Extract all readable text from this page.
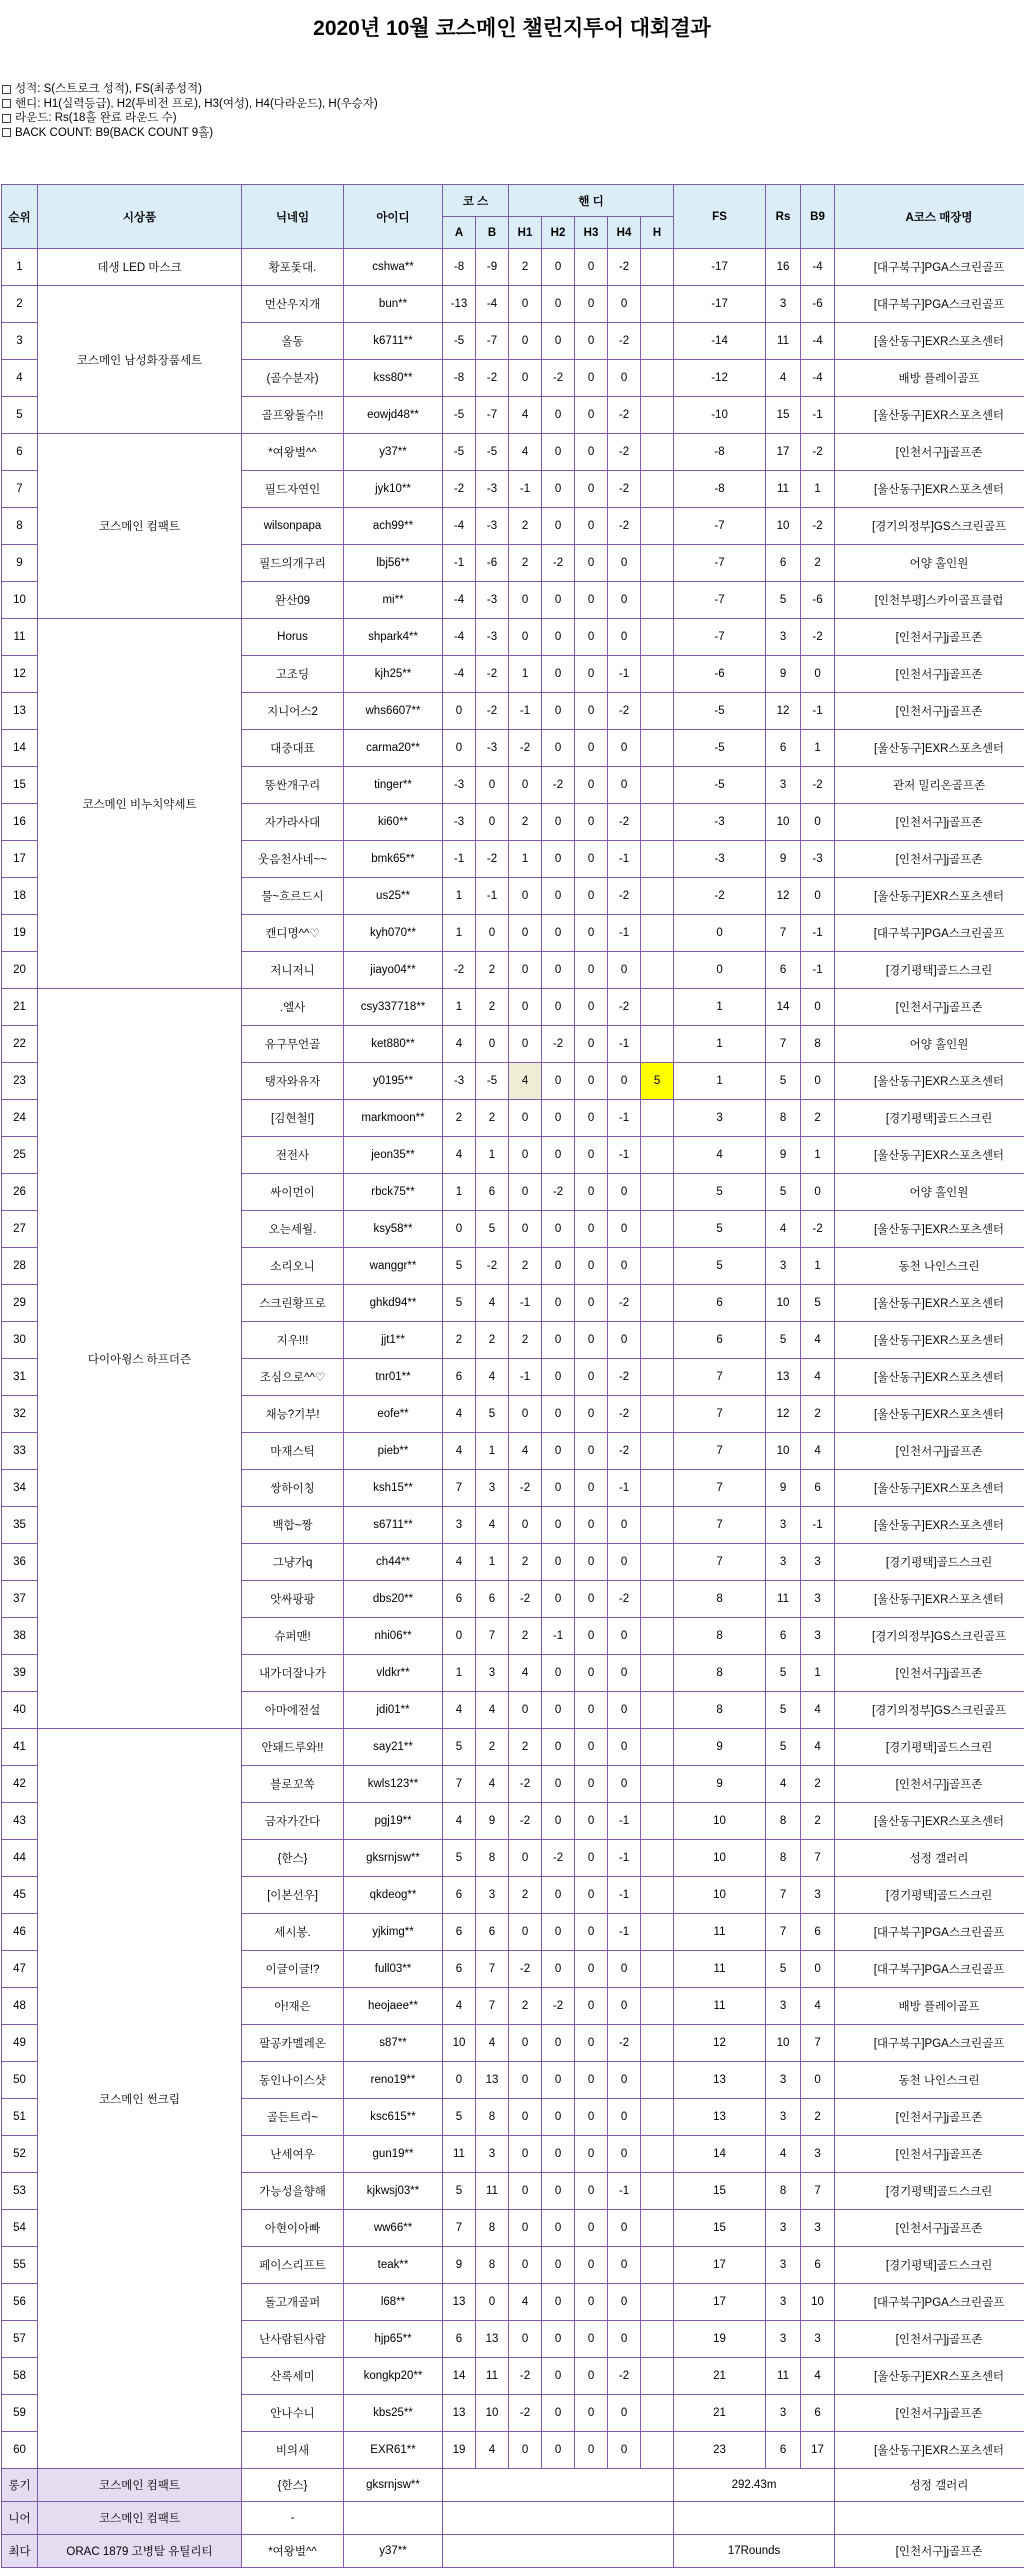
2020년 10월 코스메인 챌린지투어 대회결과
성적: S(스트로크 성적), FS(최종성적)
핸디: H1(실력등급), H2(투비전 프로), H3(여성), H4(다라운드), H(우승자)
라운드: Rs(18홀 완료 라운드 수)
BACK COUNT: B9(BACK COUNT 9홀)
순위	시상품	닉네임	아이디	코 스		핸 디					FS	Rs	B9	A코스 매장명
				A	B	H1	H2	H3	H4	H				
1	데생 LED 마스크	황포돛대.	cshwa**	-8	-9	2	0	0	-2		-17	16	-4	[대구북구]PGA스크린골프
2	코스메인 남성화장품세트	먼산우지개	bun**	-13	-4	0	0	0	0		-17	3	-6	[대구북구]PGA스크린골프
3		올동	k6711**	-5	-7	0	0	0	-2		-14	11	-4	[울산동구]EXR스포츠센터
4		(골수분자)	kss80**	-8	-2	0	-2	0	0		-12	4	-4	배방 플레이골프
5		골프왕돌수!!	eowjd48**	-5	-7	4	0	0	-2		-10	15	-1	[울산동구]EXR스포츠센터
6	코스메인 컴팩트	*여왕벌^^	y37**	-5	-5	4	0	0	-2		-8	17	-2	[인천서구]j골프존
7		필드자연인	jyk10**	-2	-3	-1	0	0	-2		-8	11	1	[울산동구]EXR스포츠센터
8		wilsonpapa	ach99**	-4	-3	2	0	0	-2		-7	10	-2	[경기의정부]GS스크린골프
9		필드의개구리	lbj56**	-1	-6	2	-2	0	0		-7	6	2	어양 홀인원
10		완산09	mi**	-4	-3	0	0	0	0		-7	5	-6	[인천부평]스카이골프클럽
11	코스메인 비누치약세트	Horus	shpark4**	-4	-3	0	0	0	0		-7	3	-2	[인천서구]j골프존
12		고조딩	kjh25**	-4	-2	1	0	0	-1		-6	9	0	[인천서구]j골프존
13		지니어스2	whs6607**	0	-2	-1	0	0	-2		-5	12	-1	[인천서구]j골프존
14		대중대표	carma20**	0	-3	-2	0	0	0		-5	6	1	[울산동구]EXR스포츠센터
15		똥싼개구리	tinger**	-3	0	0	-2	0	0		-5	3	-2	관저 밀리온골프존
16		자가라사대	ki60**	-3	0	2	0	0	-2		-3	10	0	[인천서구]j골프존
17		웃음천사네~~	bmk65**	-1	-2	1	0	0	-1		-3	9	-3	[인천서구]j골프존
18		물~흐르드시	us25**	1	-1	0	0	0	-2		-2	12	0	[울산동구]EXR스포츠센터
19		캔디명^^♡	kyh070**	1	0	0	0	0	-1		0	7	-1	[대구북구]PGA스크린골프
20		저니저니	jiayo04**	-2	2	0	0	0	0		0	6	-1	[경기평택]골드스크린
21	다이아윙스 하프더즌	.엘사	csy337718**	1	2	0	0	0	-2		1	14	0	[인천서구]j골프존
22		유구무언골	ket880**	4	0	0	-2	0	-1		1	7	8	어양 홀인원
23		탱자와유자	y0195**	-3	-5	4	0	0	0	5	1	5	0	[울산동구]EXR스포츠센터
24		[김현철!]	markmoon**	2	2	0	0	0	-1		3	8	2	[경기평택]골드스크린
25		전전사	jeon35**	4	1	0	0	0	-1		4	9	1	[울산동구]EXR스포츠센터
26		싸이먼이	rbck75**	1	6	0	-2	0	0		5	5	0	어양 홀인원
27		오는세월.	ksy58**	0	5	0	0	0	0		5	4	-2	[울산동구]EXR스포츠센터
28		소리오니	wanggr**	5	-2	2	0	0	0		5	3	1	동천 나인스크린
29		스크린황프로	ghkd94**	5	4	-1	0	0	-2		6	10	5	[울산동구]EXR스포츠센터
30		지우!!!	jjt1**	2	2	2	0	0	0		6	5	4	[울산동구]EXR스포츠센터
31		조심으로^^♡	tnr01**	6	4	-1	0	0	-2		7	13	4	[울산동구]EXR스포츠센터
32		채능?기부!	eofe**	4	5	0	0	0	-2		7	12	2	[울산동구]EXR스포츠센터
33		마재스틱	pieb**	4	1	4	0	0	-2		7	10	4	[인천서구]j골프존
34		쌍하이칭	ksh15**	7	3	-2	0	0	-1		7	9	6	[울산동구]EXR스포츠센터
35		백합~짱	s6711**	3	4	0	0	0	0		7	3	-1	[울산동구]EXR스포츠센터
36		그냥가q	ch44**	4	1	2	0	0	0		7	3	3	[경기평택]골드스크린
37		앗싸팡팡	dbs20**	6	6	-2	0	0	-2		8	11	3	[울산동구]EXR스포츠센터
38		슈퍼맨!	nhi06**	0	7	2	-1	0	0		8	6	3	[경기의정부]GS스크린골프
39		내가더잘나가	vldkr**	1	3	4	0	0	0		8	5	1	[인천서구]j골프존
40		아마에전설	jdi01**	4	4	0	0	0	0		8	5	4	[경기의정부]GS스크린골프
41	코스메인 썬크림	안돼드루와!!	say21**	5	2	2	0	0	0		9	5	4	[경기평택]골드스크린
42		블로꼬쏙	kwls123**	7	4	-2	0	0	0		9	4	2	[인천서구]j골프존
43		금자가간다	pgj19**	4	9	-2	0	0	-1		10	8	2	[울산동구]EXR스포츠센터
44		{한스}	gksrnjsw**	5	8	0	-2	0	-1		10	8	7	성정 갤러리
45		[이본선우]	qkdeog**	6	3	2	0	0	-1		10	7	3	[경기평택]골드스크린
46		세시봉.	yjkimg**	6	6	0	0	0	-1		11	7	6	[대구북구]PGA스크린골프
47		이글이글!?	full03**	6	7	-2	0	0	0		11	5	0	[대구북구]PGA스크린골프
48		아!재은	heojaee**	4	7	2	-2	0	0		11	3	4	배방 플레이골프
49		팔공카멜레온	s87**	10	4	0	0	0	-2		12	10	7	[대구북구]PGA스크린골프
50		동인나이스샷	reno19**	0	13	0	0	0	0		13	3	0	동천 나인스크린
51		골든트리~	ksc615**	5	8	0	0	0	0		13	3	2	[인천서구]j골프존
52		난세여우	gun19**	11	3	0	0	0	0		14	4	3	[인천서구]j골프존
53		가능성을향해	kjkwsj03**	5	11	0	0	0	-1		15	8	7	[경기평택]골드스크린
54		아현이아빠	ww66**	7	8	0	0	0	0		15	3	3	[인천서구]j골프존
55		페이스리프트	teak**	9	8	0	0	0	0		17	3	6	[경기평택]골드스크린
56		돌고개골퍼	l68**	13	0	4	0	0	0		17	3	10	[대구북구]PGA스크린골프
57		난사람된사람	hjp65**	6	13	0	0	0	0		19	3	3	[인천서구]j골프존
58		산록세미	kongkp20**	14	11	-2	0	0	-2		21	11	4	[울산동구]EXR스포츠센터
59		안나수니	kbs25**	13	10	-2	0	0	0		21	3	6	[인천서구]j골프존
60		비의새	EXR61**	19	4	0	0	0	0		23	6	17	[울산동구]EXR스포츠센터
롱기	코스메인 컴팩트	{한스}	gksrnjsw**								292.43m			성정 갤러리
니어	코스메인 컴팩트	-												
최다	ORAC 1879 고병탈 유틸리티	*여왕벌^^	y37**								17Rounds			[인천서구]j골프존
